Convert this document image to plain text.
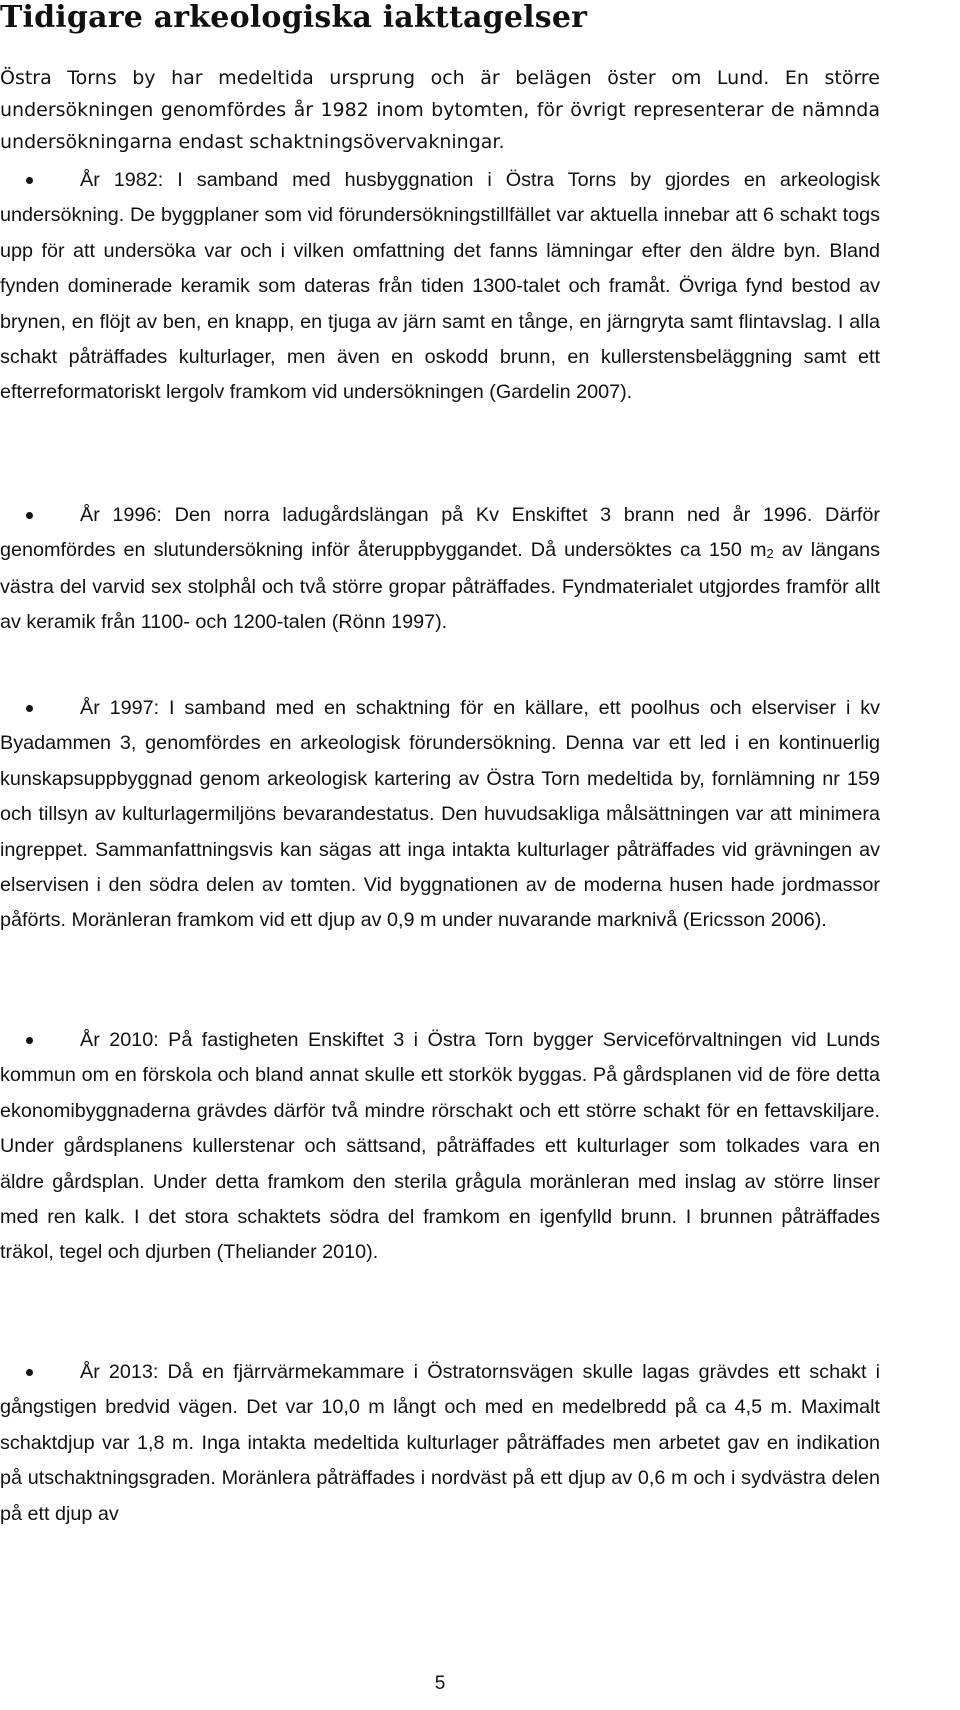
Tidigare arkeologiska iakttagelser

Östra Torns by har medeltida ursprung och är belägen öster om Lund. En större undersökningen genomfördes år 1982 inom bytomten, för övrigt representerar de nämnda undersökningarna endast schaktningsövervakningar.

År 1982: I samband med husbyggnation i Östra Torns by gjordes en arkeologisk undersökning. De byggplaner som vid förundersökningstillfället var aktuella innebar att 6 schakt togs upp för att undersöka var och i vilken omfattning det fanns lämningar efter den äldre byn. Bland fynden dominerade keramik som dateras från tiden 1300-talet och framåt. Övriga fynd bestod av brynen, en flöjt av ben, en knapp, en tjuga av järn samt en tånge, en järngryta samt flintavslag. I alla schakt påträffades kulturlager, men även en oskodd brunn, en kullerstensbeläggning samt ett efterreformatoriskt lergolv framkom vid undersökningen (Gardelin 2007).
År 1996: Den norra ladugårdslängan på Kv Enskiftet 3 brann ned år 1996. Därför genomfördes en slutundersökning inför återuppbyggandet. Då undersöktes ca 150 $m_2$ av längans västra del varvid sex stolphål och två större gropar påträffades. Fyndmaterialet utgjordes framför allt av keramik från 1100- och 1200-talen (Rönn 1997).
År 1997: I samband med en schaktning för en källare, ett poolhus och elserviser i kv Byadammen 3, genomfördes en arkeologisk förundersökning. Denna var ett led i en kontinuerlig kunskapsuppbyggnad genom arkeologisk kartering av Östra Torn medeltida by, fornlämning nr 159 och tillsyn av kulturlagermiljöns bevarandestatus. Den huvudsakliga målsättningen var att minimera ingreppet. Sammanfattningsvis kan sägas att inga intakta kulturlager påträffades vid grävningen av elservisen i den södra delen av tomten. Vid byggnationen av de moderna husen hade jordmassor påförts. Moränleran framkom vid ett djup av 0,9 m under nuvarande marknivå (Ericsson 2006).
År 2010: På fastigheten Enskiftet 3 i Östra Torn bygger Serviceförvaltningen vid Lunds kommun om en förskola och bland annat skulle ett storkök byggas. På gårdsplanen vid de före detta ekonomibyggnaderna grävdes därför två mindre rörschakt och ett större schakt för en fettavskiljare. Under gårdsplanens kullerstenar och sättsand, påträffades ett kulturlager som tolkades vara en äldre gårdsplan. Under detta framkom den sterila grågula moränleran med inslag av större linser med ren kalk. I det stora schaktets södra del framkom en igenfylld brunn. I brunnen påträffades träkol, tegel och djurben (Theliander 2010).
År 2013: Då en fjärrvärmekammare i Östratornsvägen skulle lagas grävdes ett schakt i gångstigen bredvid vägen. Det var 10,0 m långt och med en medelbredd på ca 4,5 m. Maximalt schaktdjup var 1,8 m. Inga intakta medeltida kulturlager påträffades men arbetet gav en indikation på utschaktningsgraden. Moränlera påträffades i nordväst på ett djup av 0,6 m och i sydvästra delen på ett djup av
5
